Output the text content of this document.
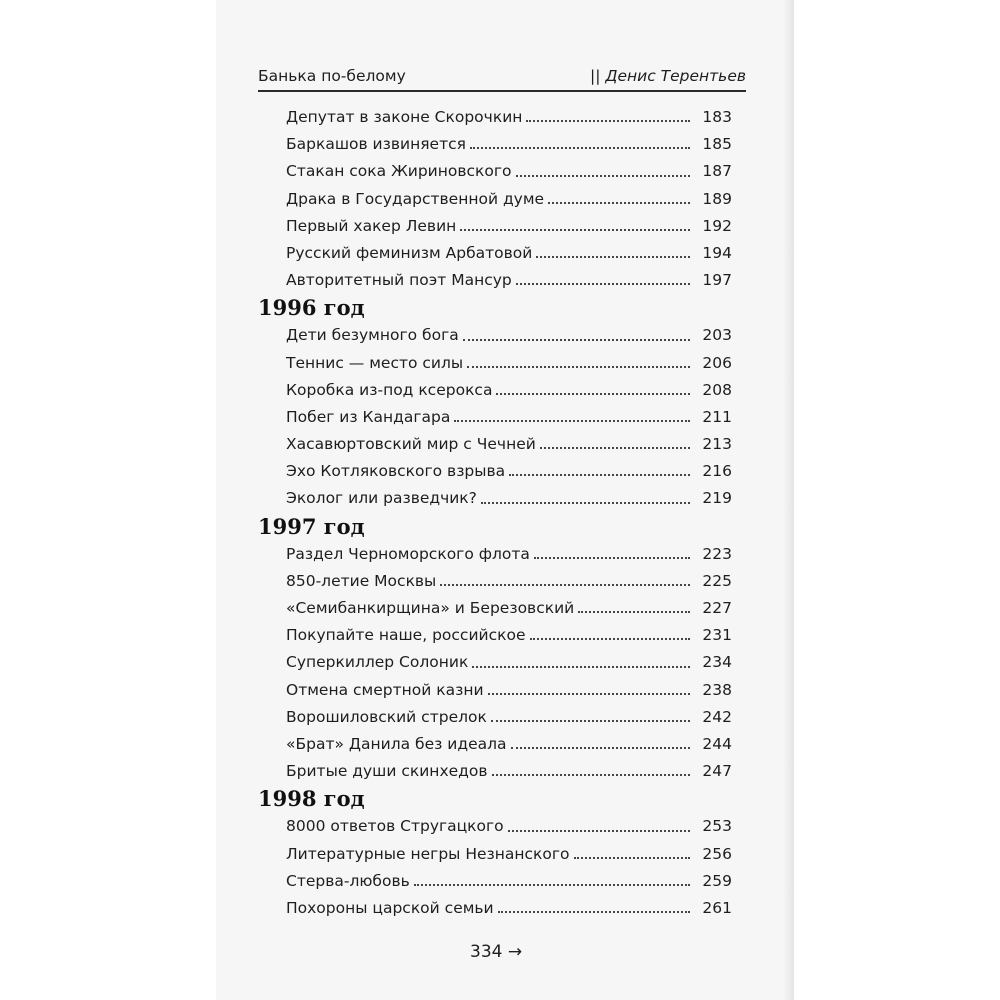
Банька по-белому	|| Денис Терентьев
Депутат в законе Скорочкин	183
Баркашов извиняется	185
Стакан сока Жириновского	187
Драка в Государственной думе	189
Первый хакер Левин	192
Русский феминизм Арбатовой	194
Авторитетный поэт Мансур	197
1996 год
Дети безумного бога	203
Теннис — место силы	206
Коробка из-под ксерокса	208
Побег из Кандагара	211
Хасавюртовский мир с Чечней	213
Эхо Котляковского взрыва	216
Эколог или разведчик?	219
1997 год
Раздел Черноморского флота	223
850-летие Москвы	225
«Семибанкирщина» и Березовский	227
Покупайте наше, российское	231
Суперкиллер Солоник	234
Отмена смертной казни	238
Ворошиловский стрелок	242
«Брат» Данила без идеала	244
Бритые души скинхедов	247
1998 год
8000 ответов Стругацкого	253
Литературные негры Незнанского	256
Стерва-любовь	259
Похороны царской семьи	261
334 →
